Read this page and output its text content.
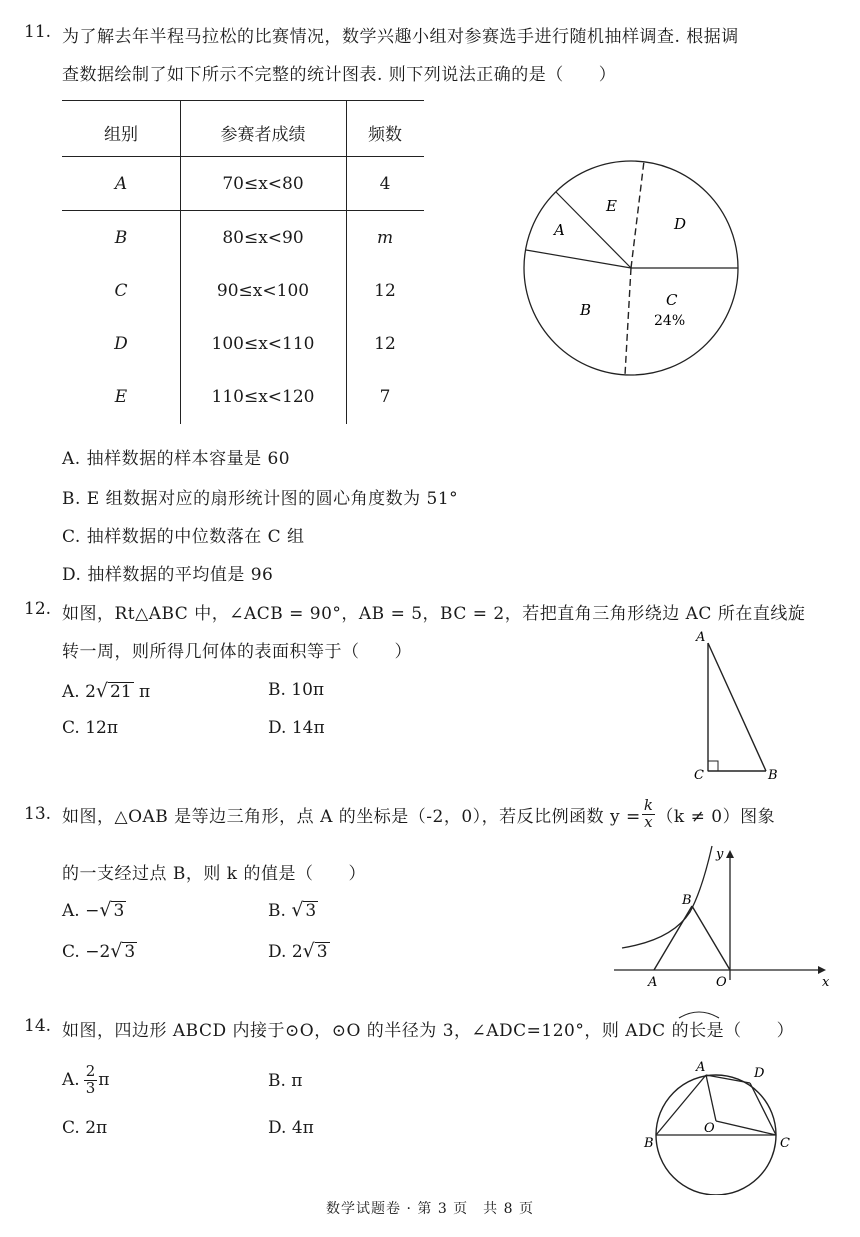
11. 为了解去年半程马拉松的比赛情况，数学兴趣小组对参赛选手进行随机抽样调查. 根据调
查数据绘制了如下所示不完整的统计图表. 则下列说法正确的是（　　）
组别	参赛者成绩	频数
A	70≤x<80	4
B	80≤x<90	m
C	90≤x<100	12
D	100≤x<110	12
E	110≤x<120	7
A
E
D
C
24%
B
A. 抽样数据的样本容量是 60
B. E 组数据对应的扇形统计图的圆心角度数为 51°
C. 抽样数据的中位数落在 C 组
D. 抽样数据的平均值是 96
12. 如图，Rt△ABC 中，∠ACB = 90°，AB = 5，BC = 2，若把直角三角形绕边 AC 所在直线旋
转一周，则所得几何体的表面积等于（　　）
A. 2√ 21 π	B. 10π
C. 12π	D. 14π
A
C	B
13. 如图，△OAB 是等边三角形，点 A 的坐标是（-2，0），若反比例函数 $y = \frac{k}{x} (k \ne 0)$图象
的一支经过点 B，则 k 的值是（　　）
A. −√ 3	B. √ 3
C. −2√ 3	D. 2√ 3
y
B
A	O	x
14. 如图，四边形 ABCD 内接于⊙O，⊙O 的半径为 3，∠ADC=120°，则 ADC 的长是（　　）
A. $\frac{2}{3}$ π	B. π
C. 2π	D. 4π
A	D
O
B	C
数学试题卷 · 第 3 页　共 8 页
